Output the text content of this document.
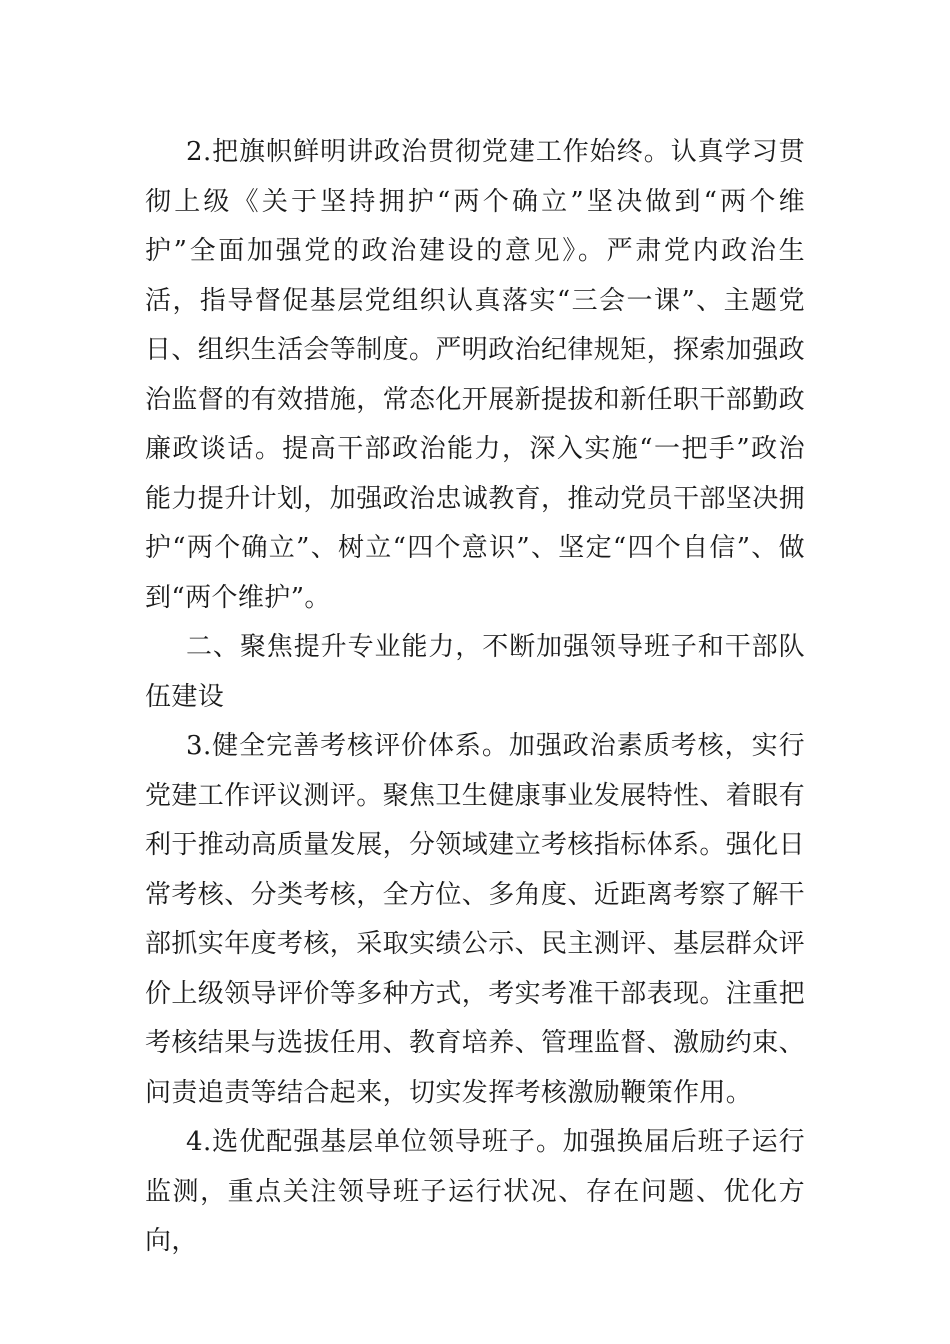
2.把旗帜鲜明讲政治贯彻党建工作始终。认真学习贯彻上级《关于坚持拥护“两个确立”坚决做到“两个维护”全面加强党的政治建设的意见》。严肃党内政治生活，指导督促基层党组织认真落实“三会一课”、主题党日、组织生活会等制度。严明政治纪律规矩，探索加强政治监督的有效措施，常态化开展新提拔和新任职干部勤政廉政谈话。提高干部政治能力，深入实施“一把手”政治能力提升计划，加强政治忠诚教育，推动党员干部坚决拥护“两个确立”、树立“四个意识”、坚定“四个自信”、做到“两个维护”。

二、聚焦提升专业能力，不断加强领导班子和干部队伍建设

3.健全完善考核评价体系。加强政治素质考核，实行党建工作评议测评。聚焦卫生健康事业发展特性、着眼有利于推动高质量发展，分领域建立考核指标体系。强化日常考核、分类考核，全方位、多角度、近距离考察了解干部抓实年度考核，采取实绩公示、民主测评、基层群众评价上级领导评价等多种方式，考实考准干部表现。注重把考核结果与选拔任用、教育培养、管理监督、激励约束、问责追责等结合起来，切实发挥考核激励鞭策作用。

4.选优配强基层单位领导班子。加强换届后班子运行监测，重点关注领导班子运行状况、存在问题、优化方向，
